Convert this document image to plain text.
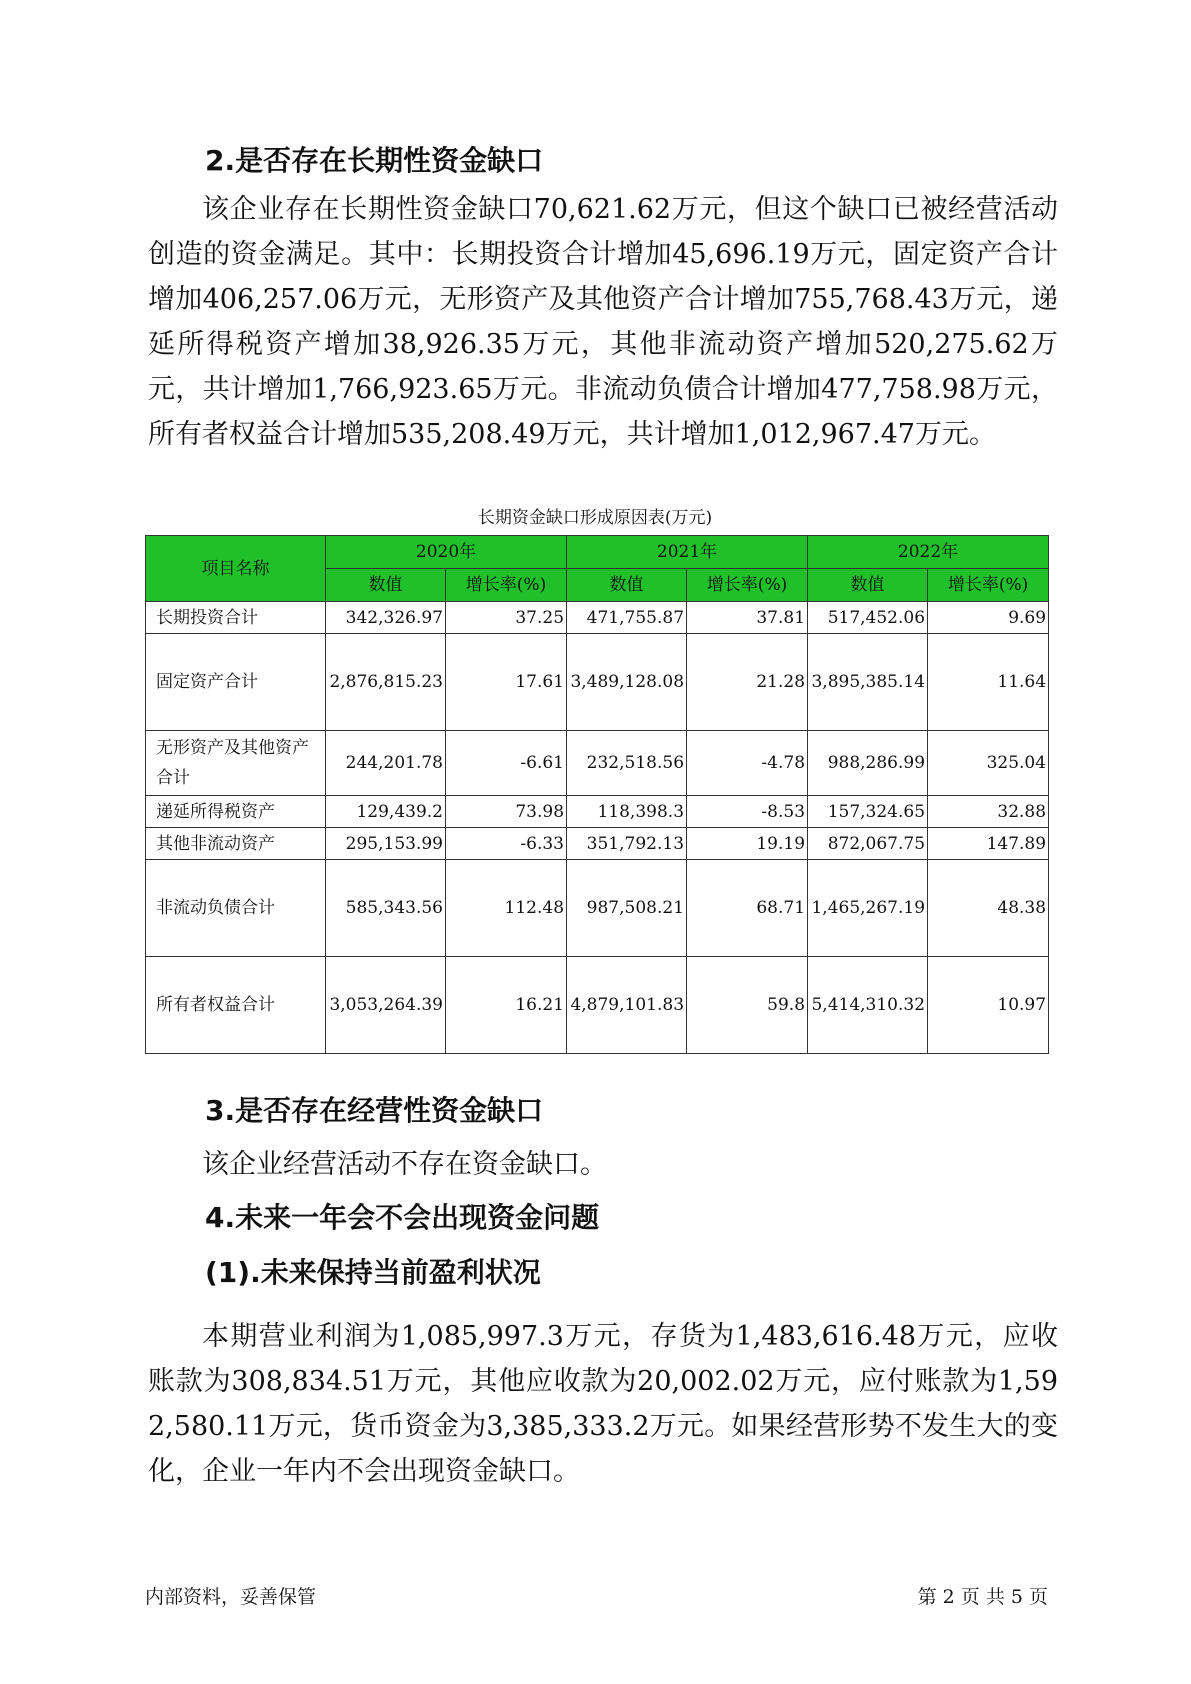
2.是否存在长期性资金缺口

该企业存在长期性资金缺口70,621.62万元，但这个缺口已被经营活动创造的资金满足。其中：长期投资合计增加45,696.19万元，固定资产合计增加406,257.06万元，无形资产及其他资产合计增加755,768.43万元，递延所得税资产增加38,926.35万元，其他非流动资产增加520,275.62万元，共计增加1,766,923.65万元。非流动负债合计增加477,758.98万元，所有者权益合计增加535,208.49万元，共计增加1,012,967.47万元。

长期资金缺口形成原因表(万元)
项目名称	2020年		2021年		2022年	
	数值	增长率(%)	数值	增长率(%)	数值	增长率(%)
长期投资合计	342,326.97	37.25	471,755.87	37.81	517,452.06	9.69
固定资产合计	2,876,815.23	17.61	3,489,128.08	21.28	3,895,385.14	11.64
无形资产及其他资产合计	244,201.78	-6.61	232,518.56	-4.78	988,286.99	325.04
递延所得税资产	129,439.2	73.98	118,398.3	-8.53	157,324.65	32.88
其他非流动资产	295,153.99	-6.33	351,792.13	19.19	872,067.75	147.89
非流动负债合计	585,343.56	112.48	987,508.21	68.71	1,465,267.19	48.38
所有者权益合计	3,053,264.39	16.21	4,879,101.83	59.8	5,414,310.32	10.97
3.是否存在经营性资金缺口

该企业经营活动不存在资金缺口。

4.未来一年会不会出现资金问题
(1).未来保持当前盈利状况

本期营业利润为1,085,997.3万元，存货为1,483,616.48万元，应收账款为308,834.51万元，其他应收款为20,002.02万元，应付账款为1,592,580.11万元，货币资金为3,385,333.2万元。如果经营形势不发生大的变化，企业一年内不会出现资金缺口。

内部资料，妥善保管	第 2 页 共 5 页
